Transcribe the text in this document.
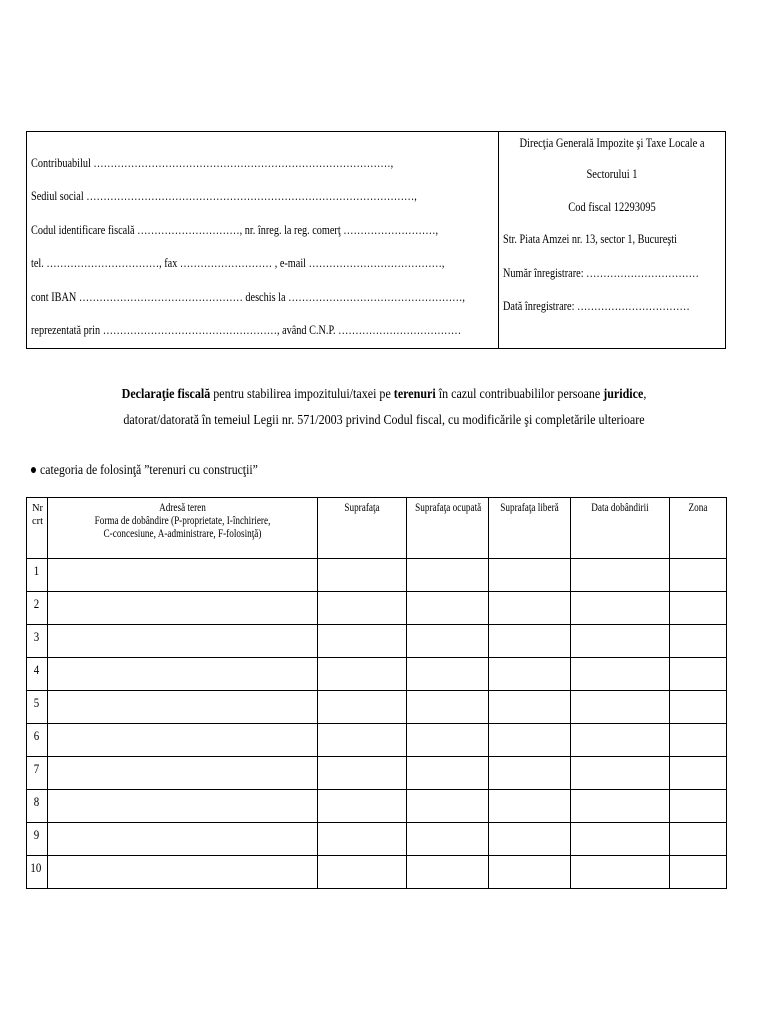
Contribuabilul ……………………………………………………………………………,
Sediul social ……………………………………………………………………………………,
Codul identificare fiscală …………………………, nr. înreg. la reg. comerţ ………………………,
tel. ……………………………, fax ……………………… , e-mail …………………………………,
cont IBAN ………………………………………… deschis la ……………………………………………,
reprezentată prin ……………………………………………, având C.N.P. ………………………………
Direcţia Generală Impozite şi Taxe Locale a
Sectorului 1
Cod fiscal 12293095
Str. Piata Amzei nr. 13, sector 1, Bucureşti
Număr înregistrare: ……………………………
Dată înregistrare: ……………………………
Declaraţie fiscală pentru stabilirea impozitului/taxei pe terenuri în cazul contribuabililor persoane juridice,
datorat/datorată în temeiul Legii nr. 571/2003 privind Codul fiscal, cu modificările şi completările ulterioare
● categoria de folosinţă ”terenuri cu construcţii”
Nr crt	Adresă teren
Forma de dobândire (P-proprietate, I-închiriere,
C-concesiune, A-administrare, F-folosinţă)	Suprafaţa	Suprafaţa ocupată	Suprafaţa liberă	Data dobândirii	Zona

1						

2						

3						

4						

5						

6						

7						

8						

9						

10						
